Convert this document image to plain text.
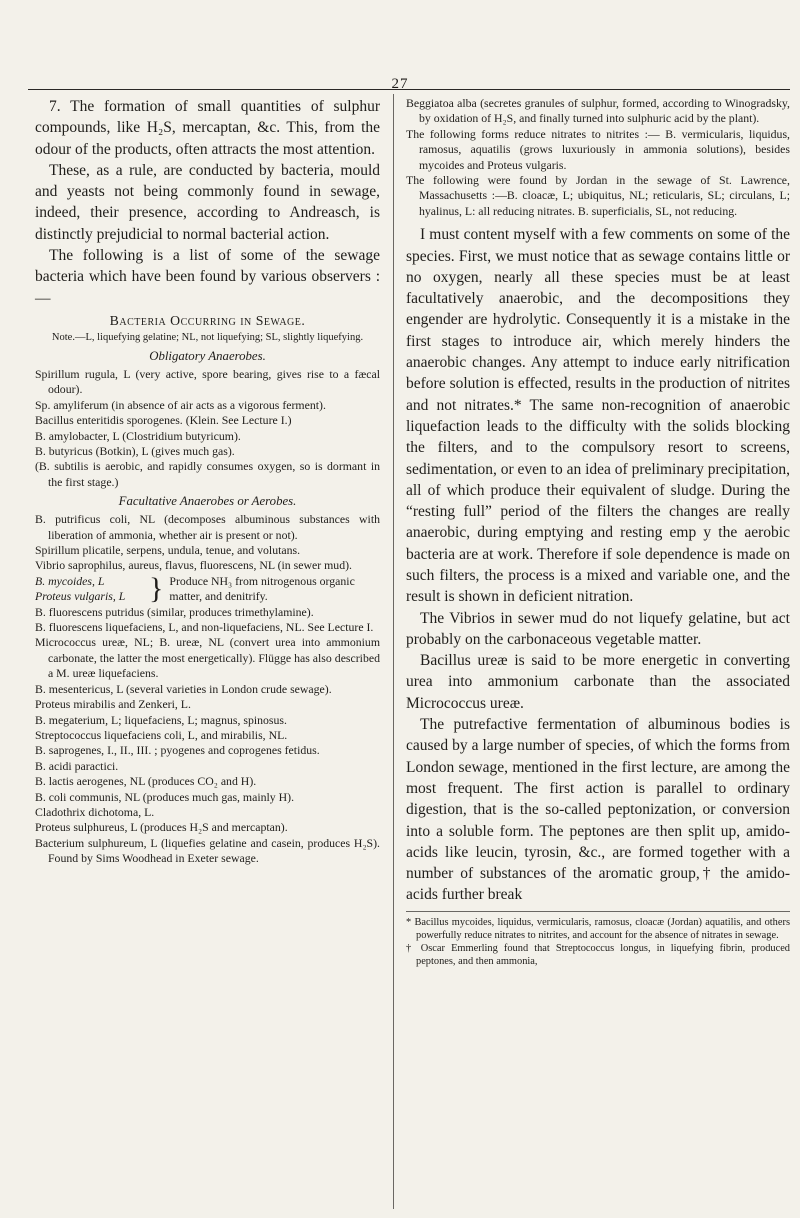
27

7. The formation of small quantities of sulphur compounds, like H₂S, mercaptan, &c. This, from the odour of the products, often attracts the most attention.

These, as a rule, are conducted by bacteria, mould and yeasts not being commonly found in sewage, indeed, their presence, according to Andreasch, is distinctly prejudicial to normal bacterial action.

The following is a list of some of the sewage bacteria which have been found by various observers :—

Bacteria Occurring in Sewage.

Note.—L, liquefying gelatine; NL, not liquefying; SL, slightly liquefying.

Obligatory Anaerobes.

Spirillum rugula, L (very active, spore bearing, gives rise to a fæcal odour).

Sp. amyliferum (in absence of air acts as a vigorous ferment).

Bacillus enteritidis sporogenes. (Klein. See Lecture I.)

B. amylobacter, L (Clostridium butyricum).

B. butyricus (Botkin), L (gives much gas).

(B. subtilis is aerobic, and rapidly consumes oxygen, so is dormant in the first stage.)

Facultative Anaerobes or Aerobes.

B. putrificus coli, NL (decomposes albuminous substances with liberation of ammonia, whether air is present or not).

Spirillum plicatile, serpens, undula, tenue, and volutans.

Vibrio saprophilus, aureus, flavus, fluorescens, NL (in sewer mud).

B. mycoides, L

Proteus vulgaris, L } Produce NH₃ from nitrogenous organic matter, and denitrify.

B. fluorescens putridus (similar, produces trimethylamine).

B. fluorescens liquefaciens, L, and non-liquefaciens, NL. See Lecture I.

Micrococcus ureæ, NL; B. ureæ, NL (convert urea into ammonium carbonate, the latter the most energetically). Flügge has also described a M. ureæ liquefaciens.

B. mesentericus, L (several varieties in London crude sewage).

Proteus mirabilis and Zenkeri, L.

B. megaterium, L; liquefaciens, L; magnus, spinosus.

Streptococcus liquefaciens coli, L, and mirabilis, NL.

B. saprogenes, I., II., III. ; pyogenes and coprogenes fetidus.

B. acidi paractici.

B. lactis aerogenes, NL (produces CO₂ and H).

B. coli communis, NL (produces much gas, mainly H).

Cladothrix dichotoma, L.

Proteus sulphureus, L (produces H₂S and mercaptan).

Bacterium sulphureum, L (liquefies gelatine and casein, produces H₂S). Found by Sims Woodhead in Exeter sewage.

Beggiatoa alba (secretes granules of sulphur, formed, according to Winogradsky, by oxidation of H₂S, and finally turned into sulphuric acid by the plant).

The following forms reduce nitrates to nitrites :— B. vermicularis, liquidus, ramosus, aquatilis (grows luxuriously in ammonia solutions), besides mycoides and Proteus vulgaris.

The following were found by Jordan in the sewage of St. Lawrence, Massachusetts :—B. cloacæ, L; ubiquitus, NL; reticularis, SL; circulans, L; hyalinus, L: all reducing nitrates. B. superficialis, SL, not reducing.

I must content myself with a few comments on some of the species. First, we must notice that as sewage contains little or no oxygen, nearly all these species must be at least facultatively anaerobic, and the decompositions they engender are hydrolytic. Consequently it is a mistake in the first stages to introduce air, which merely hinders the anaerobic changes. Any attempt to induce early nitrification before solution is effected, results in the production of nitrites and not nitrates.* The same non-recognition of anaerobic liquefaction leads to the difficulty with the solids blocking the filters, and to the compulsory resort to screens, sedimentation, or even to an idea of preliminary precipitation, all of which produce their equivalent of sludge. During the “resting full” period of the filters the changes are really anaerobic, during emptying and resting emp y the aerobic bacteria are at work. Therefore if sole dependence is made on such filters, the process is a mixed and variable one, and the result is shown in deficient nitration.

The Vibrios in sewer mud do not liquefy gelatine, but act probably on the carbonaceous vegetable matter.

Bacillus ureæ is said to be more energetic in converting urea into ammonium carbonate than the associated Micrococcus ureæ.

The putrefactive fermentation of albuminous bodies is caused by a large number of species, of which the forms from London sewage, mentioned in the first lecture, are among the most frequent. The first action is parallel to ordinary digestion, that is the so-called peptonization, or conversion into a soluble form. The peptones are then split up, amido-acids like leucin, tyrosin, &c., are formed together with a number of substances of the aromatic group,† the amido-acids further break

* Bacillus mycoides, liquidus, vermicularis, ramosus, cloacæ (Jordan) aquatilis, and others powerfully reduce nitrates to nitrites, and account for the absence of nitrates in sewage.

† Oscar Emmerling found that Streptococcus longus, in liquefying fibrin, produced peptones, and then ammonia,
